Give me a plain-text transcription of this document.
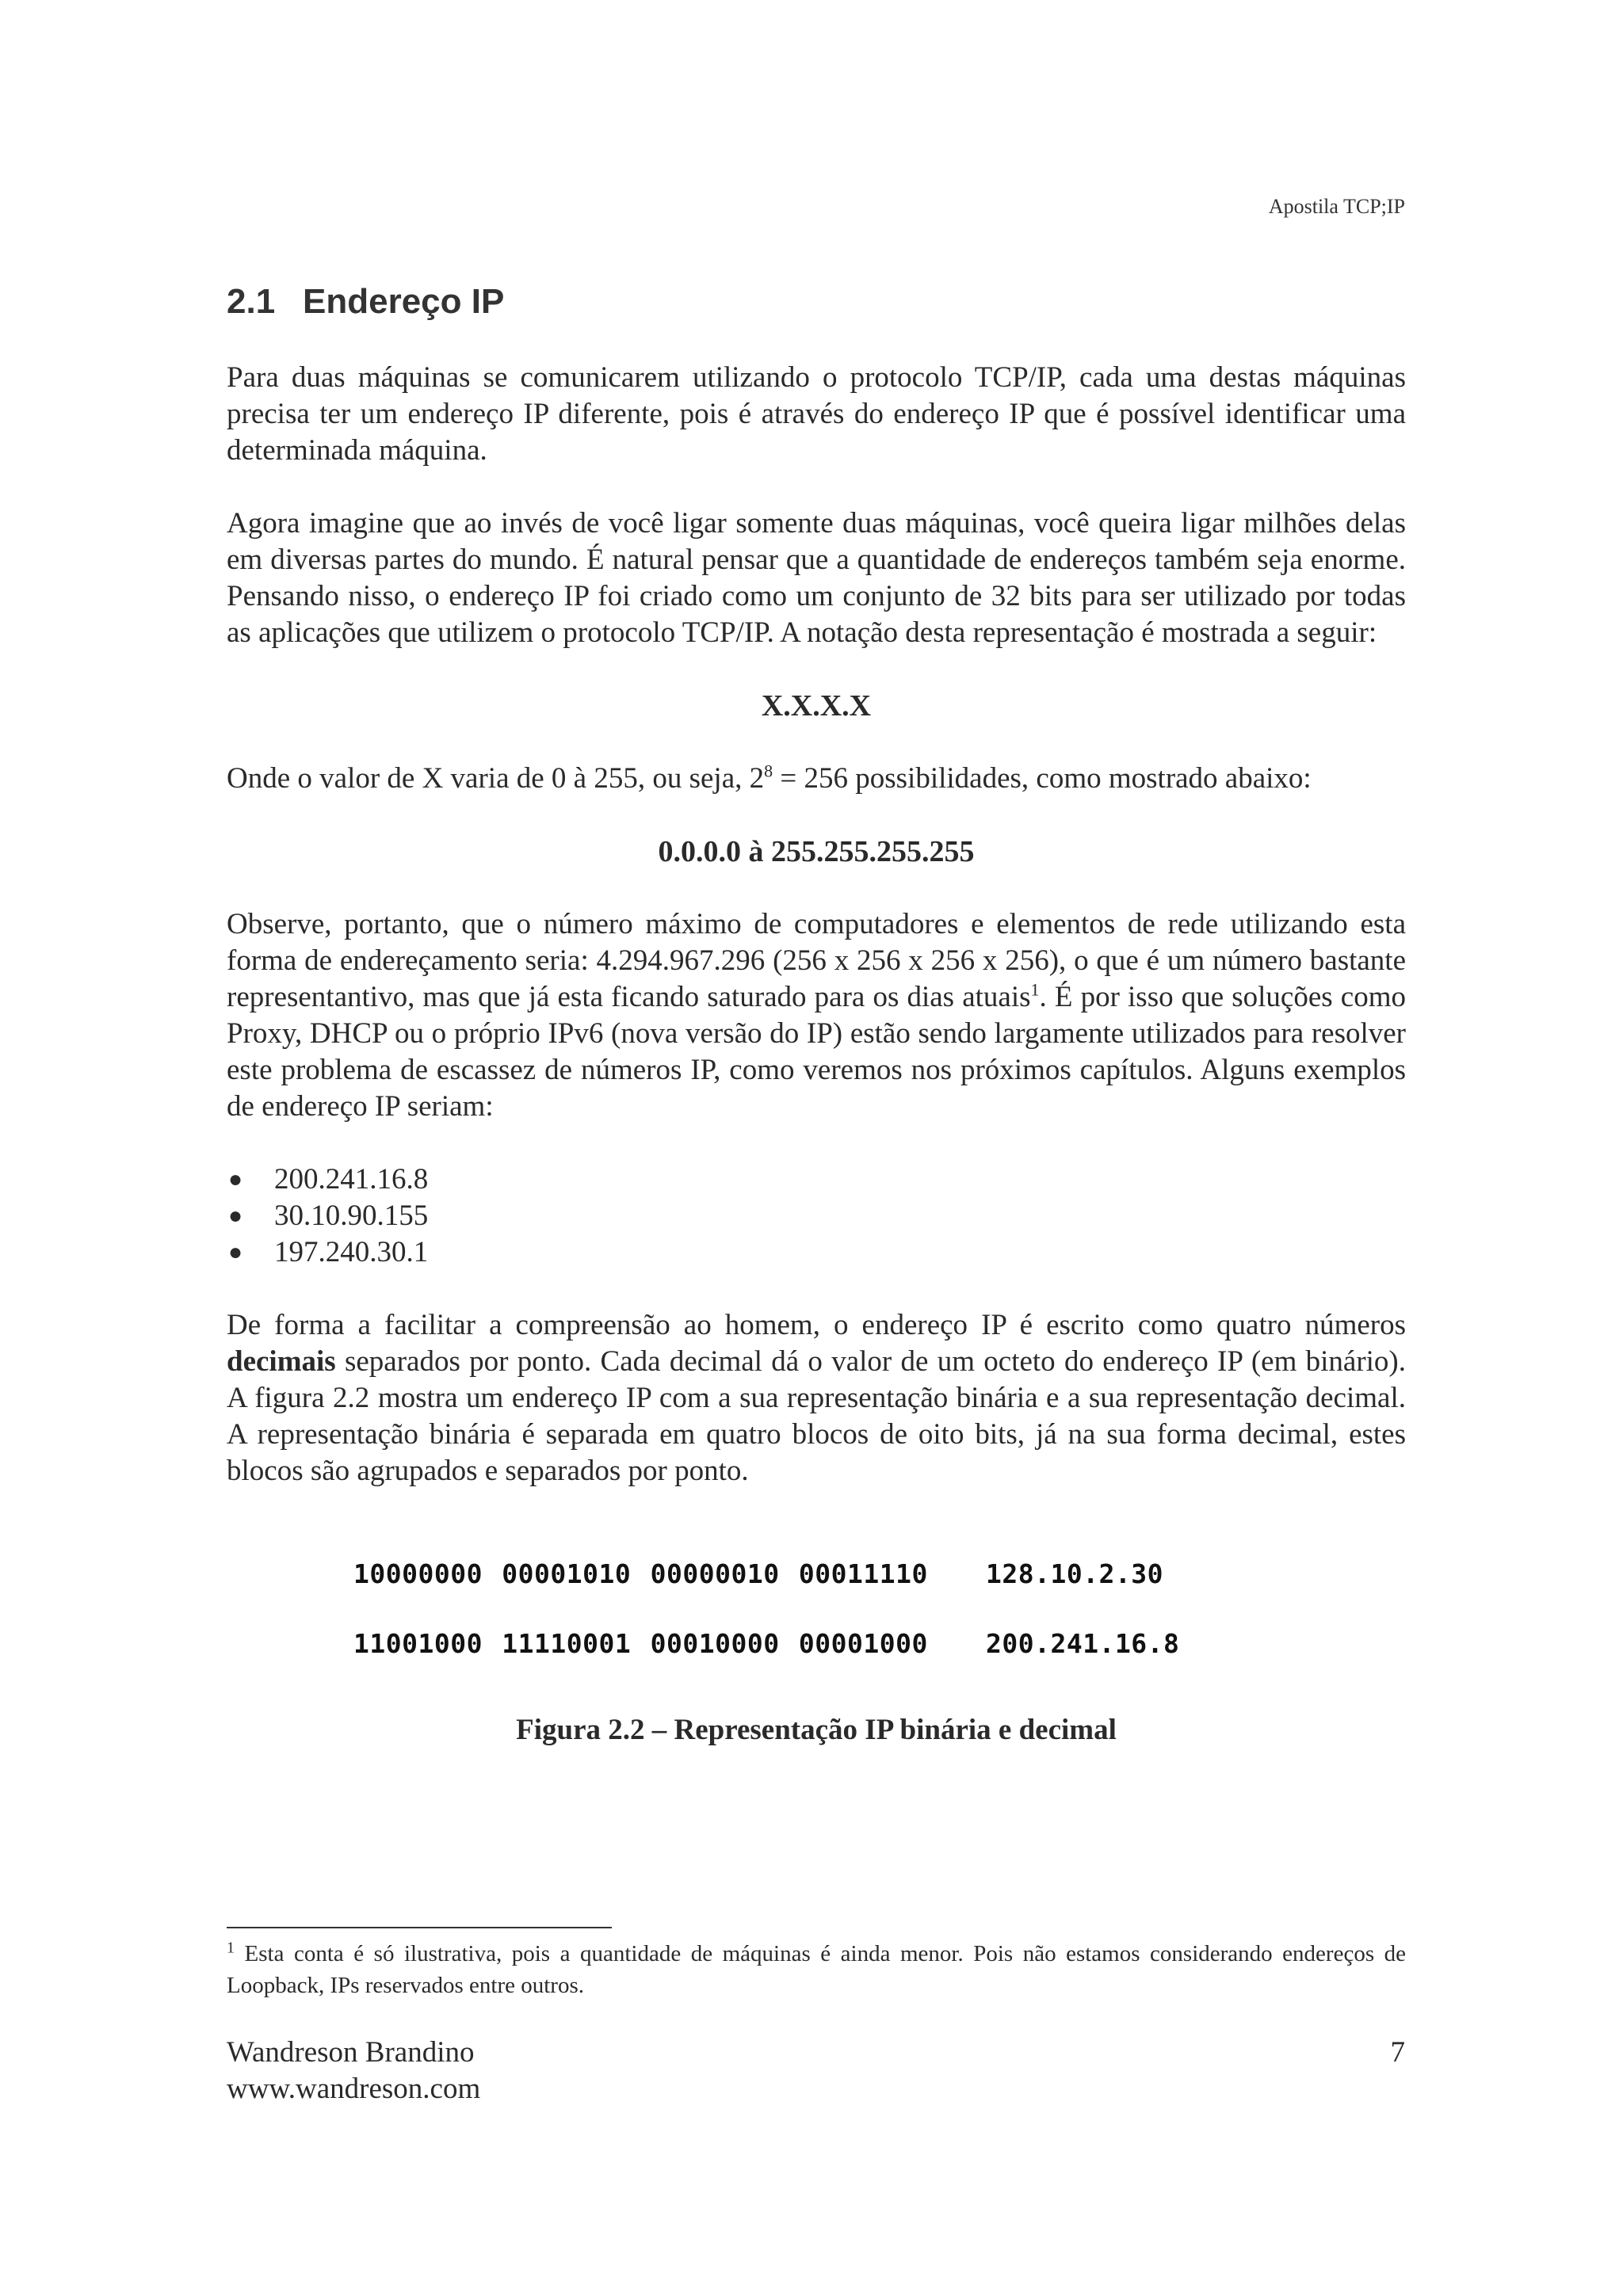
Apostila TCP;IP
2.1 Endereço IP

Para duas máquinas se comunicarem utilizando o protocolo TCP/IP, cada uma destas máquinas precisa ter um endereço IP diferente, pois é através do endereço IP que é possível identificar uma determinada máquina.

Agora imagine que ao invés de você ligar somente duas máquinas, você queira ligar milhões delas em diversas partes do mundo. É natural pensar que a quantidade de endereços também seja enorme. Pensando nisso, o endereço IP foi criado como um conjunto de 32 bits para ser utilizado por todas as aplicações que utilizem o protocolo TCP/IP. A notação desta representação é mostrada a seguir:

X.X.X.X

Onde o valor de X varia de 0 à 255, ou seja, $2^8 = 256$ possibilidades, como mostrado abaixo:

0.0.0.0 à 255.255.255.255

Observe, portanto, que o número máximo de computadores e elementos de rede utilizando esta forma de endereçamento seria: 4.294.967.296 (256 x 256 x 256 x 256), o que é um número bastante representantivo, mas que já esta ficando saturado para os dias atuais$^1$. É por isso que soluções como Proxy, DHCP ou o próprio IPv6 (nova versão do IP) estão sendo largamente utilizados para resolver este problema de escassez de números IP, como veremos nos próximos capítulos. Alguns exemplos de endereço IP seriam:

● 200.241.16.8
● 30.10.90.155
● 197.240.30.1

De forma a facilitar a compreensão ao homem, o endereço IP é escrito como quatro números decimais separados por ponto. Cada decimal dá o valor de um octeto do endereço IP (em binário). A figura 2.2 mostra um endereço IP com a sua representação binária e a sua representação decimal. A representação binária é separada em quatro blocos de oito bits, já na sua forma decimal, estes blocos são agrupados e separados por ponto.

10000000 00001010 00000010 00011110	128.10.2.30
11001000 11110001 00010000 00001000	200.241.16.8
Figura 2.2 – Representação IP binária e decimal
$^1$ Esta conta é só ilustrativa, pois a quantidade de máquinas é ainda menor. Pois não estamos considerando endereços de Loopback, IPs reservados entre outros.
Wandreson Brandino
www.wandreson.com
7
